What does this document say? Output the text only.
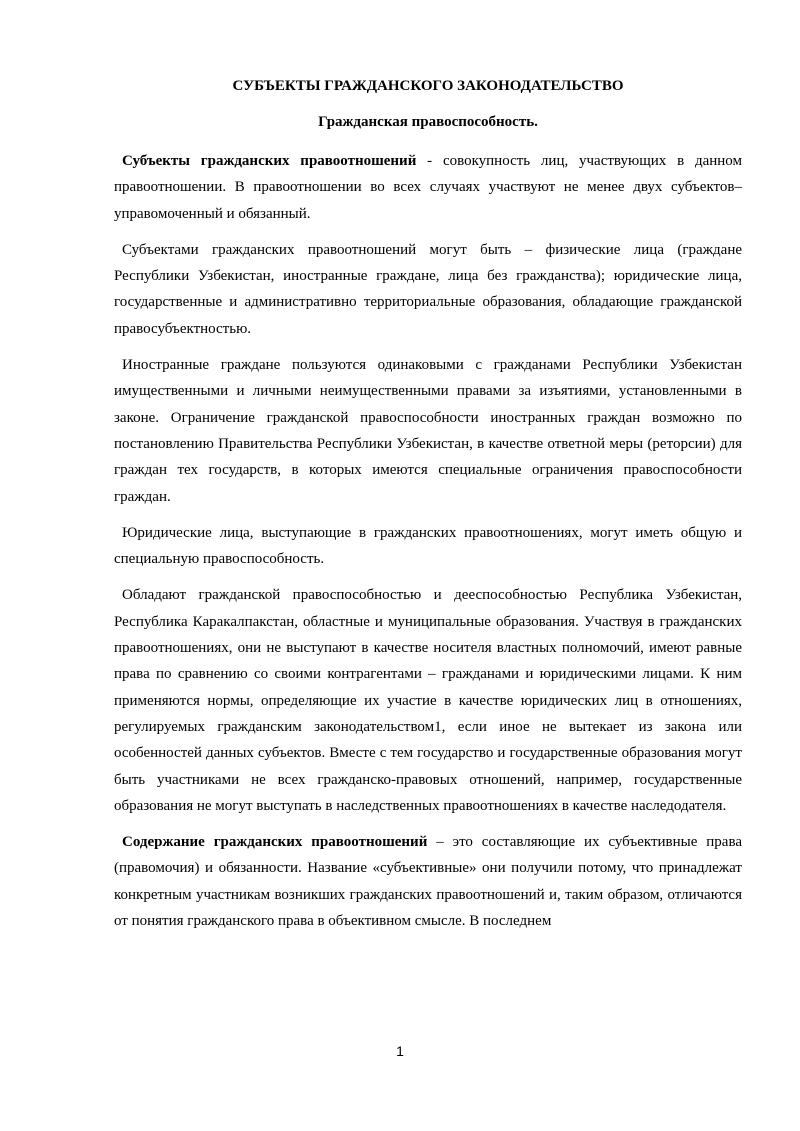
СУБЪЕКТЫ ГРАЖДАНСКОГО ЗАКОНОДАТЕЛЬСТВО
Гражданская правоспособность.

Субъекты гражданских правоотношений - совокупность лиц, участвующих в данном правоотношении. В правоотношении во всех случаях участвуют не менее двух субъектов– управомоченный и обязанный.

Субъектами гражданских правоотношений могут быть – физические лица (граждане Республики Узбекистан, иностранные граждане, лица без гражданства); юридические лица, государственные и административно территориальные образования, обладающие гражданской правосубъектностью.

Иностранные граждане пользуются одинаковыми с гражданами Республики Узбекистан имущественными и личными неимущественными правами за изъятиями, установленными в законе. Ограничение гражданской правоспособности иностранных граждан возможно по постановлению Правительства Республики Узбекистан, в качестве ответной меры (реторсии) для граждан тех государств, в которых имеются специальные ограничения правоспособности граждан.

Юридические лица, выступающие в гражданских правоотношениях, могут иметь общую и специальную правоспособность.

Обладают гражданской правоспособностью и дееспособностью Республика Узбекистан, Республика Каракалпакстан, областные и муниципальные образования. Участвуя в гражданских правоотношениях, они не выступают в качестве носителя властных полномочий, имеют равные права по сравнению со своими контрагентами – гражданами и юридическими лицами. К ним применяются нормы, определяющие их участие в качестве юридических лиц в отношениях, регулируемых гражданским законодательством1, если иное не вытекает из закона или особенностей данных субъектов. Вместе с тем государство и государственные образования могут быть участниками не всех гражданско-правовых отношений, например, государственные образования не могут выступать в наследственных правоотношениях в качестве наследодателя.

Содержание гражданских правоотношений – это составляющие их субъективные права (правомочия) и обязанности. Название «субъективные» они получили потому, что принадлежат конкретным участникам возникших гражданских правоотношений и, таким образом, отличаются от понятия гражданского права в объективном смысле. В последнем

1
